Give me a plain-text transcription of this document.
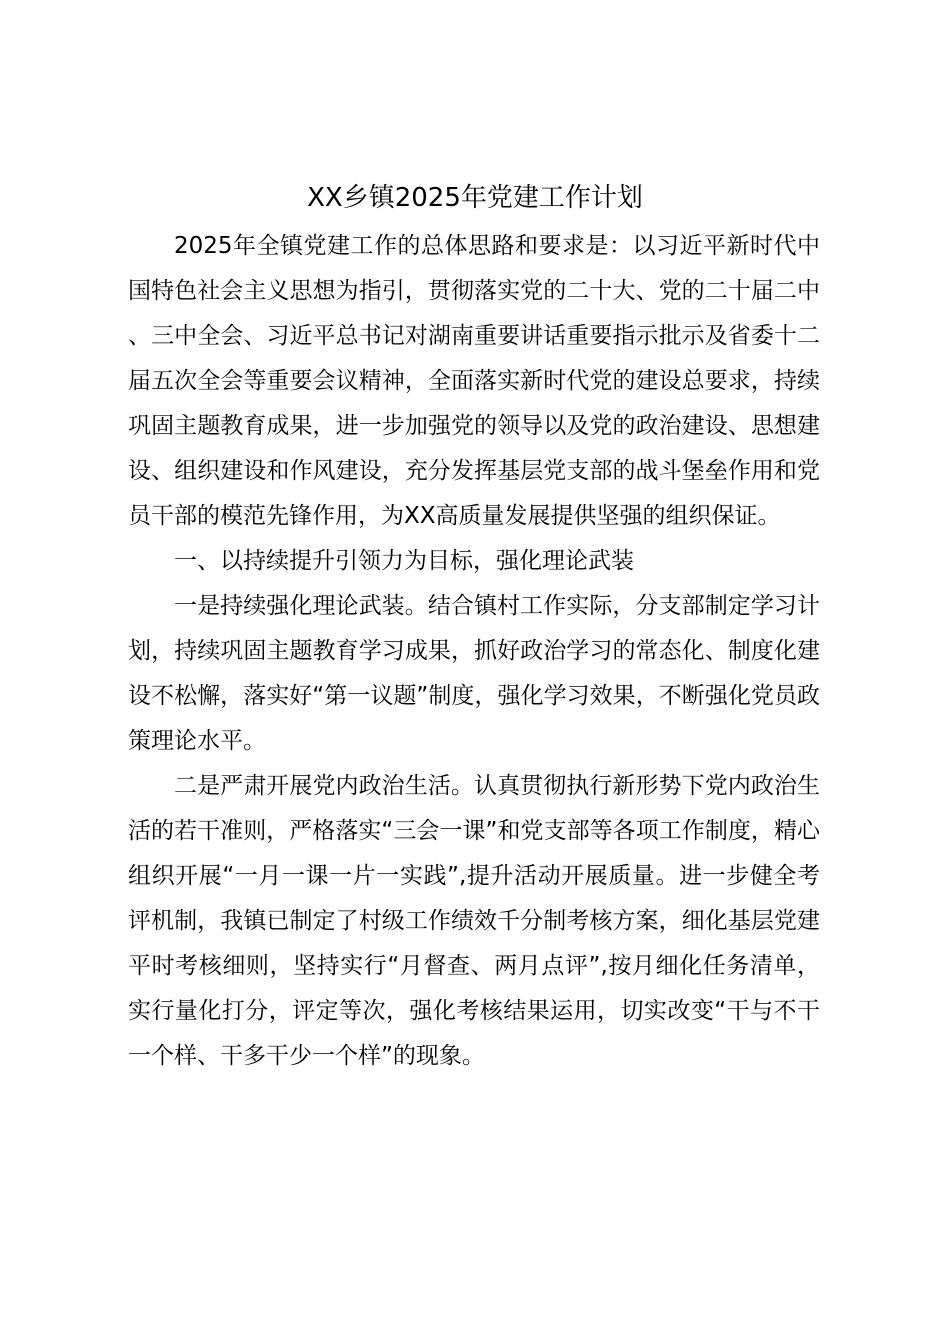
XX乡镇2025年党建工作计划

2025年全镇党建工作的总体思路和要求是：以习近平新时代中国特色社会主义思想为指引，贯彻落实党的二十大、党的二十届二中、三中全会、习近平总书记对湖南重要讲话重要指示批示及省委十二届五次全会等重要会议精神，全面落实新时代党的建设总要求，持续巩固主题教育成果，进一步加强党的领导以及党的政治建设、思想建设、组织建设和作风建设，充分发挥基层党支部的战斗堡垒作用和党员干部的模范先锋作用，为XX高质量发展提供坚强的组织保证。

一、以持续提升引领力为目标，强化理论武装

一是持续强化理论武装。结合镇村工作实际，分支部制定学习计划，持续巩固主题教育学习成果，抓好政治学习的常态化、制度化建设不松懈，落实好“第一议题”制度，强化学习效果，不断强化党员政策理论水平。

二是严肃开展党内政治生活。认真贯彻执行新形势下党内政治生活的若干准则，严格落实“三会一课”和党支部等各项工作制度，精心组织开展“一月一课一片一实践”,提升活动开展质量。进一步健全考评机制，我镇已制定了村级工作绩效千分制考核方案，细化基层党建平时考核细则，坚持实行“月督查、两月点评”,按月细化任务清单，实行量化打分，评定等次，强化考核结果运用，切实改变“干与不干一个样、干多干少一个样”的现象。
